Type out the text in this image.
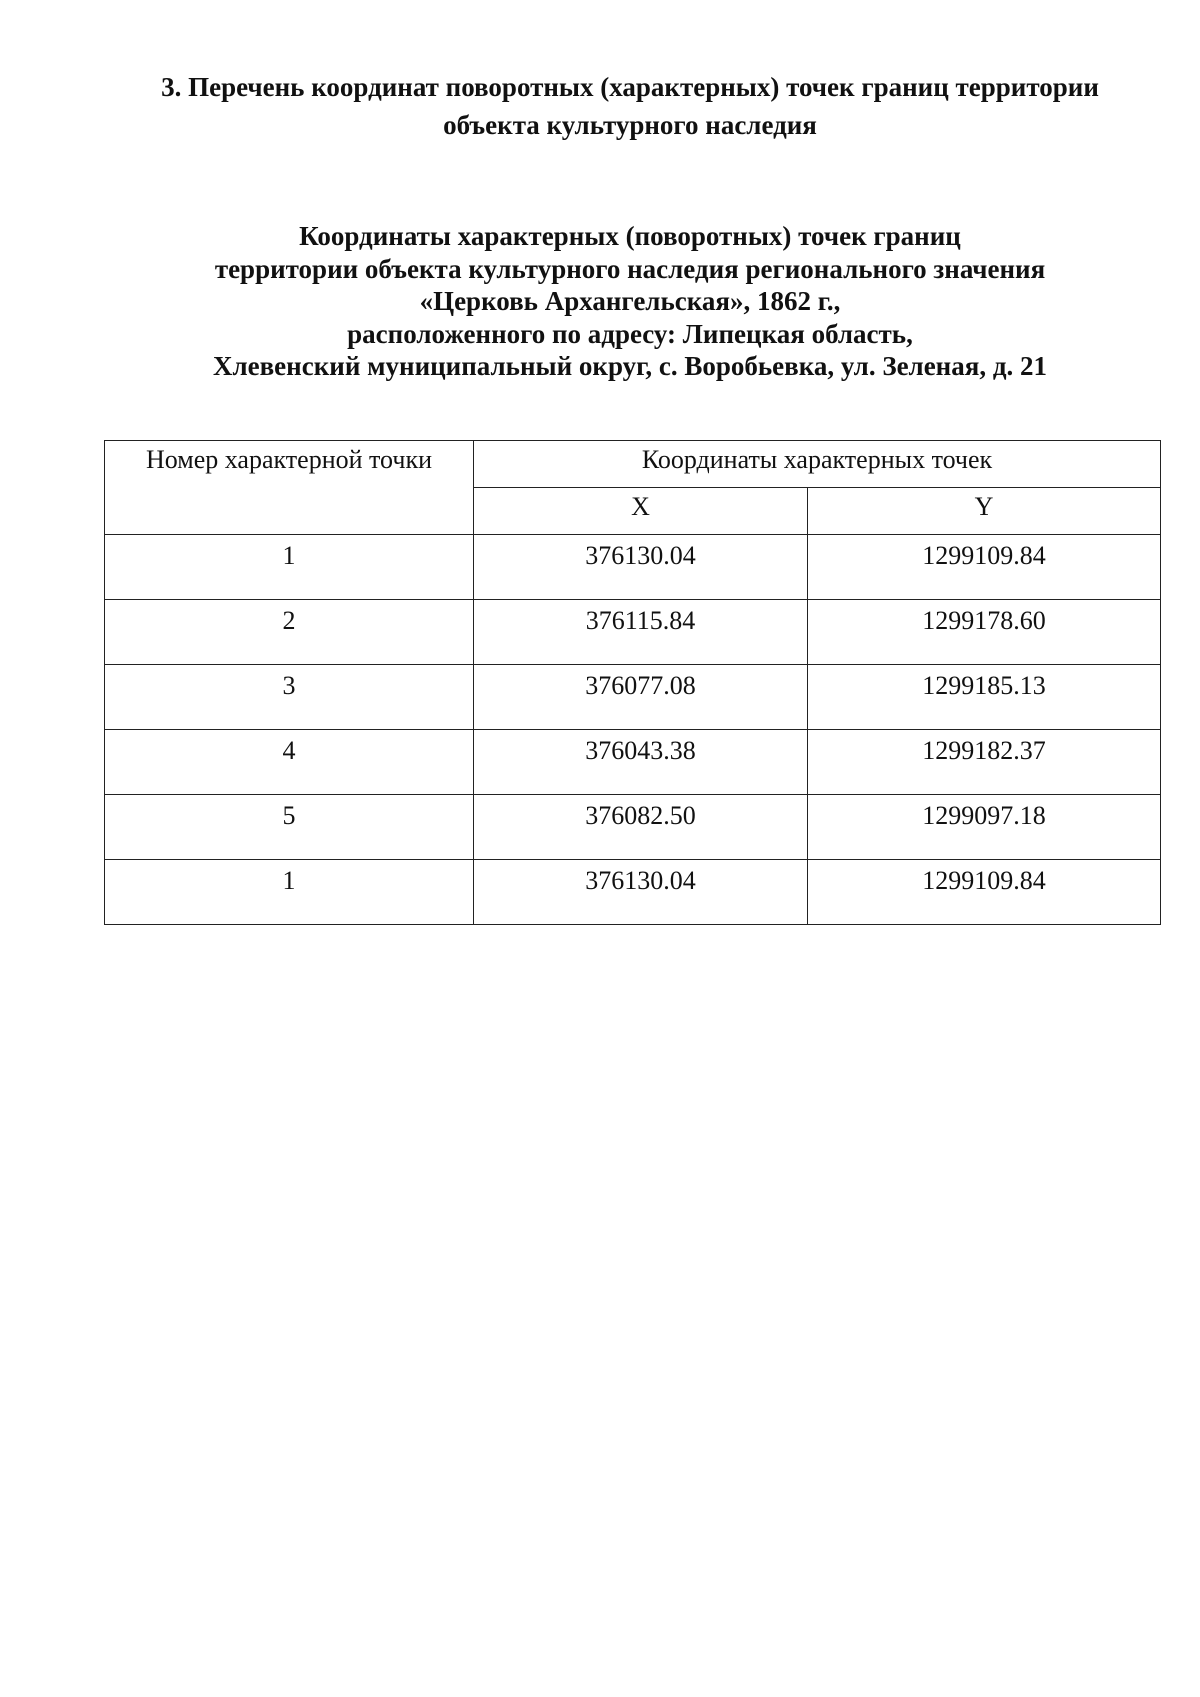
3. Перечень координат поворотных (характерных) точек границ территории
объекта культурного наследия
Координаты характерных (поворотных) точек границ
территории объекта культурного наследия регионального значения
«Церковь Архангельская», 1862 г.,
расположенного по адресу: Липецкая область,
Хлевенский муниципальный округ, с. Воробьевка, ул. Зеленая, д. 21
Номер характерной точки	Координаты характерных точек	
	X	Y
1	376130.04	1299109.84
2	376115.84	1299178.60
3	376077.08	1299185.13
4	376043.38	1299182.37
5	376082.50	1299097.18
1	376130.04	1299109.84
